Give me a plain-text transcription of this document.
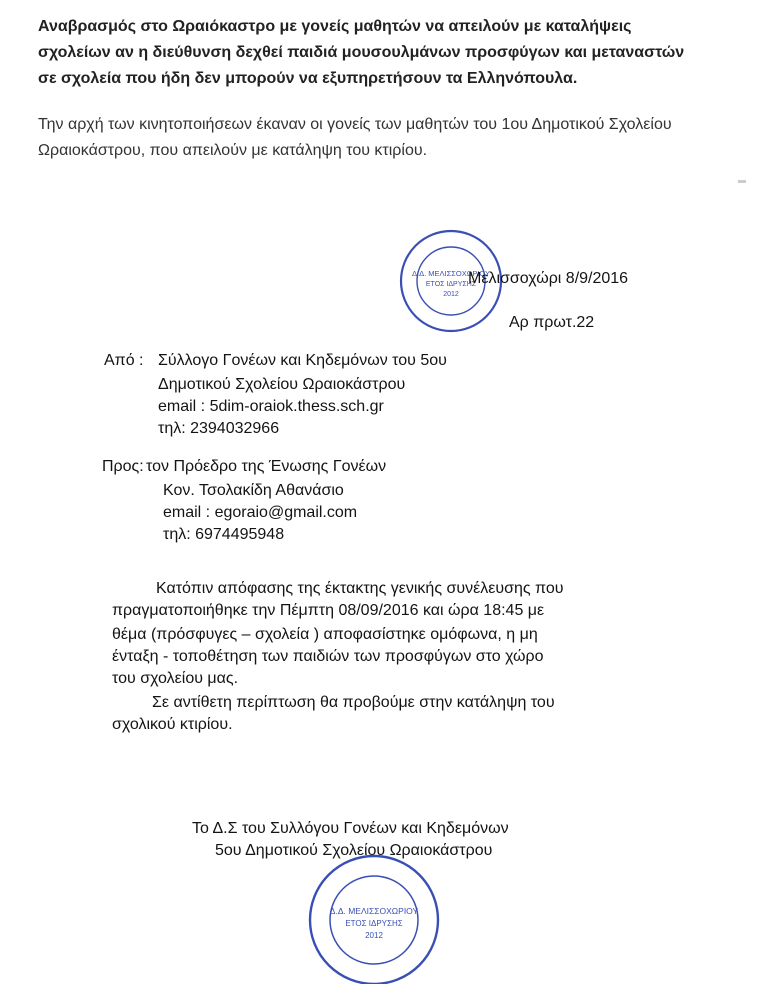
Αναβρασμός στο Ωραιόκαστρο με γονείς μαθητών να απειλούν με καταλήψεις
σχολείων αν η διεύθυνση δεχθεί παιδιά μουσουλμάνων προσφύγων και μεταναστών
σε σχολεία που ήδη δεν μπορούν να εξυπηρετήσουν τα Ελληνόπουλα.
Την αρχή των κινητοποιήσεων έκαναν οι γονείς των μαθητών του 1ου Δημοτικού Σχολείου
Ωραιοκάστρου, που απειλούν με κατάληψη του κτιρίου.
Δ.Δ. ΜΕΛΙΣΣΟΧΩΡΙΟΥ
ΕΤΟΣ ΙΔΡΥΣΗΣ
2012
Μελισσοχώρι 8/9/2016
Αρ πρωτ.22
Από : Σύλλογο Γονέων και Κηδεμόνων του 5ου
Δημοτικού Σχολείου Ωραιοκάστρου
email : 5dim-oraiok.thess.sch.gr
τηλ: 2394032966
Προς: τον Πρόεδρο της Ένωσης Γονέων
Κον. Τσολακίδη Αθανάσιο
email : egoraio@gmail.com
τηλ: 6974495948
Κατόπιν απόφασης της έκτακτης γενικής συνέλευσης που
πραγματοποιήθηκε την Πέμπτη 08/09/2016 και ώρα 18:45 με
θέμα (πρόσφυγες – σχολεία ) αποφασίστηκε ομόφωνα, η μη
ένταξη - τοποθέτηση των παιδιών των προσφύγων στο χώρο
του σχολείου μας.
Σε αντίθετη περίπτωση θα προβούμε στην κατάληψη του
σχολικού κτιρίου.
Το Δ.Σ του Συλλόγου Γονέων και Κηδεμόνων
5ου Δημοτικού Σχολείου Ωραιοκάστρου
Δ.Δ. ΜΕΛΙΣΣΟΧΩΡΙΟΥ
ΕΤΟΣ ΙΔΡΥΣΗΣ
2012
